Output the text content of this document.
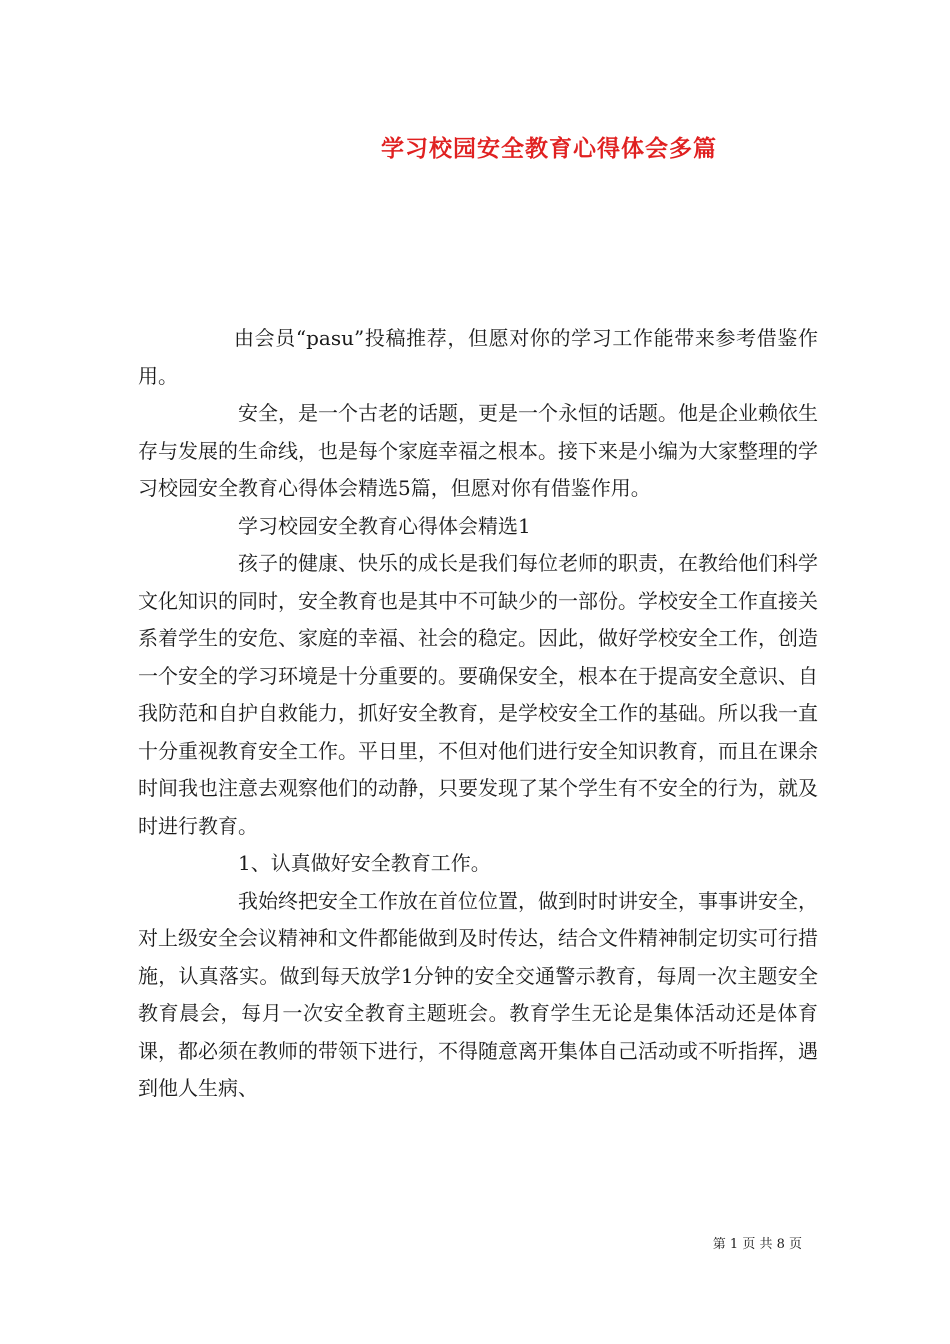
学习校园安全教育心得体会多篇

由会员“pasu”投稿推荐，但愿对你的学习工作能带来参考借鉴作用。

安全，是一个古老的话题，更是一个永恒的话题。他是企业赖依生存与发展的生命线，也是每个家庭幸福之根本。接下来是小编为大家整理的学习校园安全教育心得体会精选5篇，但愿对你有借鉴作用。

学习校园安全教育心得体会精选1

孩子的健康、快乐的成长是我们每位老师的职责，在教给他们科学文化知识的同时，安全教育也是其中不可缺少的一部份。学校安全工作直接关系着学生的安危、家庭的幸福、社会的稳定。因此，做好学校安全工作，创造一个安全的学习环境是十分重要的。要确保安全，根本在于提高安全意识、自我防范和自护自救能力，抓好安全教育，是学校安全工作的基础。所以我一直十分重视教育安全工作。平日里，不但对他们进行安全知识教育，而且在课余时间我也注意去观察他们的动静，只要发现了某个学生有不安全的行为，就及时进行教育。

1、认真做好安全教育工作。

我始终把安全工作放在首位位置，做到时时讲安全，事事讲安全，对上级安全会议精神和文件都能做到及时传达，结合文件精神制定切实可行措施，认真落实。做到每天放学1分钟的安全交通警示教育，每周一次主题安全教育晨会，每月一次安全教育主题班会。教育学生无论是集体活动还是体育课，都必须在教师的带领下进行，不得随意离开集体自己活动或不听指挥，遇到他人生病、

第 1 页 共 8 页
